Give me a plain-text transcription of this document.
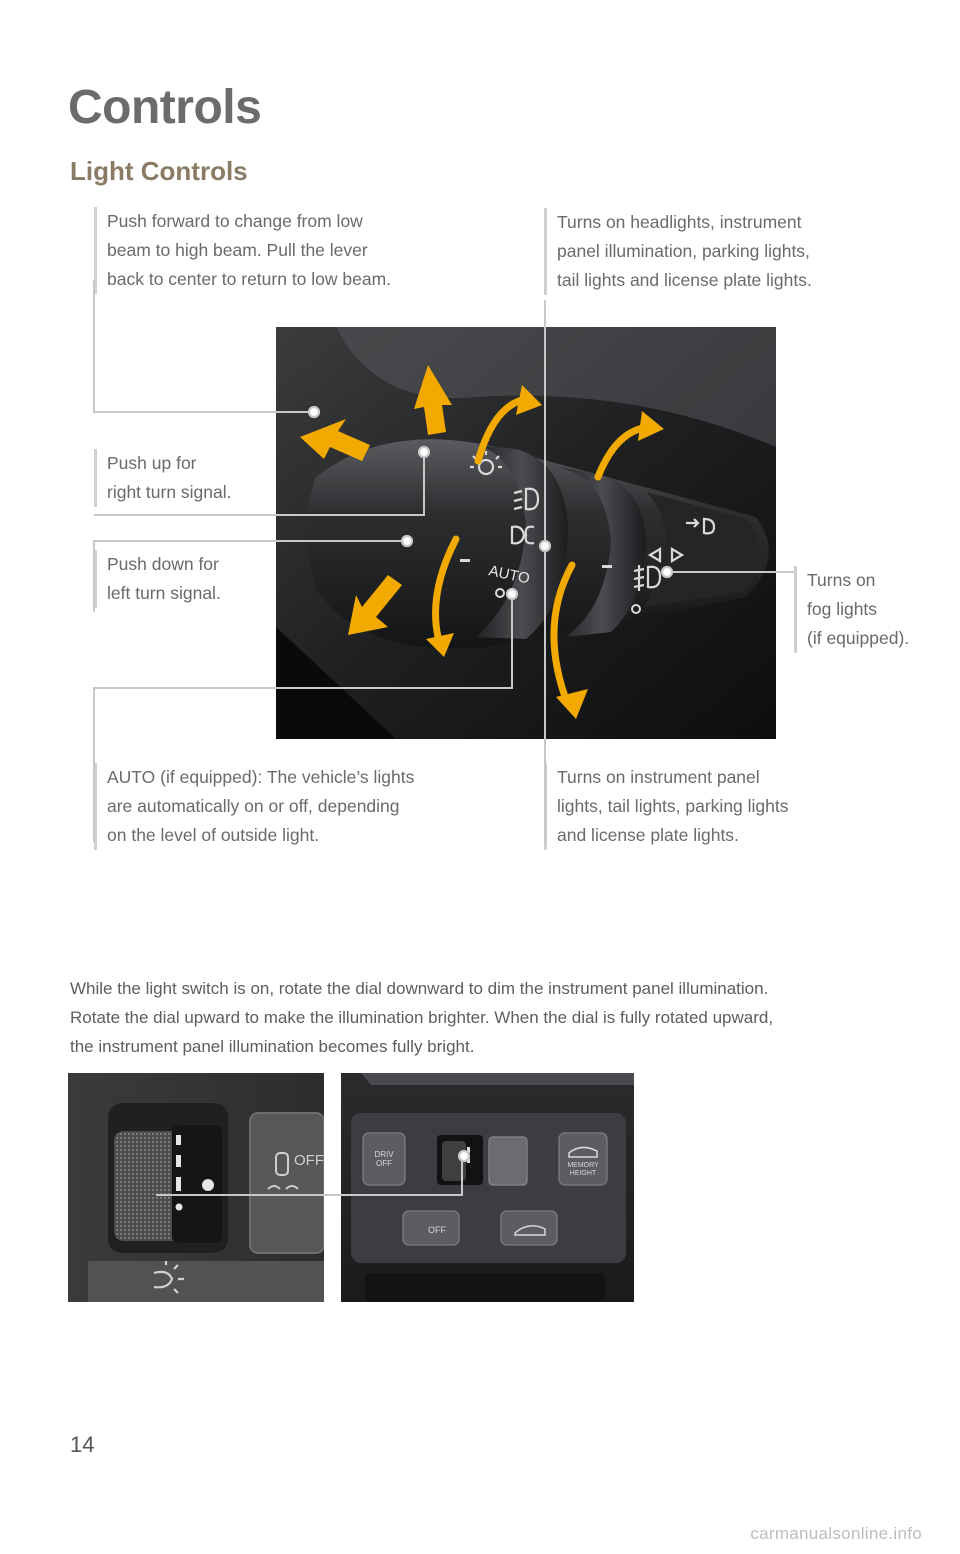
Controls
Light Controls
Push forward to change from low
beam to high beam. Pull the lever
back to center to return to low beam.
Turns on headlights, instrument
panel illumination, parking lights,
tail lights and license plate lights.
Push up for
right turn signal.
Push down for
left turn signal.
Turns on
fog lights
(if equipped).
AUTO (if equipped): The vehicle’s lights
are automatically on or off, depending
on the level of outside light.
Turns on instrument panel
lights, tail lights, parking lights
and license plate lights.
AUTO
While the light switch is on, rotate the dial downward to dim the instrument panel illumination.
Rotate the dial upward to make the illumination brighter. When the dial is fully rotated upward,
the instrument panel illumination becomes fully bright.
OFF	DRIV OFF	MEMORY HEIGHT
OFF
14
carmanualsonline.info
